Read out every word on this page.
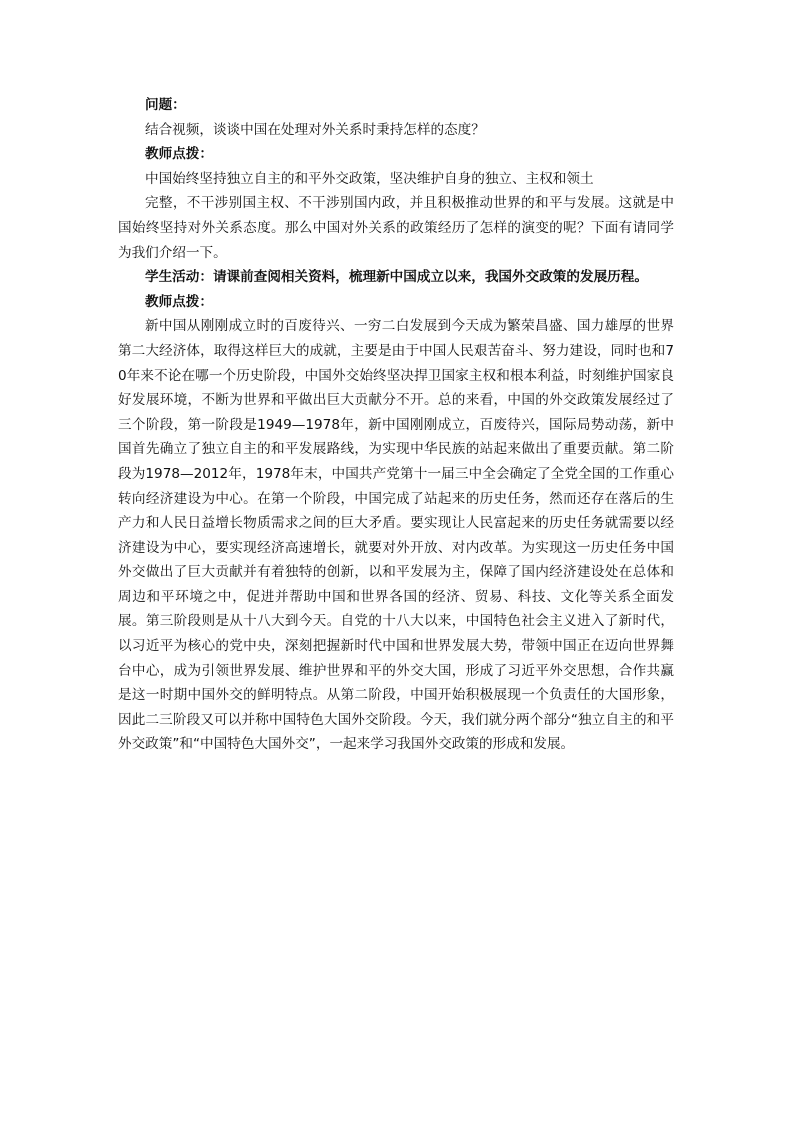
问题：

结合视频，谈谈中国在处理对外关系时秉持怎样的态度？

教师点拨：

中国始终坚持独立自主的和平外交政策，坚决维护自身的独立、主权和领土

完整，不干涉别国主权、不干涉别国内政，并且积极推动世界的和平与发展。这就是中国始终坚持对外关系态度。那么中国对外关系的政策经历了怎样的演变的呢？下面有请同学为我们介绍一下。

学生活动：请课前查阅相关资料，梳理新中国成立以来，我国外交政策的发展历程。

教师点拨：

新中国从刚刚成立时的百废待兴、一穷二白发展到今天成为繁荣昌盛、国力雄厚的世界第二大经济体，取得这样巨大的成就，主要是由于中国人民艰苦奋斗、努力建设，同时也和70年来不论在哪一个历史阶段，中国外交始终坚决捍卫国家主权和根本利益，时刻维护国家良好发展环境，不断为世界和平做出巨大贡献分不开。总的来看，中国的外交政策发展经过了三个阶段，第一阶段是1949—1978年，新中国刚刚成立，百废待兴，国际局势动荡，新中国首先确立了独立自主的和平发展路线，为实现中华民族的站起来做出了重要贡献。第二阶段为1978—2012年，1978年末，中国共产党第十一届三中全会确定了全党全国的工作重心转向经济建设为中心。在第一个阶段，中国完成了站起来的历史任务，然而还存在落后的生产力和人民日益增长物质需求之间的巨大矛盾。要实现让人民富起来的历史任务就需要以经济建设为中心，要实现经济高速增长，就要对外开放、对内改革。为实现这一历史任务中国外交做出了巨大贡献并有着独特的创新，以和平发展为主，保障了国内经济建设处在总体和周边和平环境之中，促进并帮助中国和世界各国的经济、贸易、科技、文化等关系全面发展。第三阶段则是从十八大到今天。自党的十八大以来，中国特色社会主义进入了新时代，以习近平为核心的党中央，深刻把握新时代中国和世界发展大势，带领中国正在迈向世界舞台中心，成为引领世界发展、维护世界和平的外交大国，形成了习近平外交思想，合作共赢是这一时期中国外交的鲜明特点。从第二阶段，中国开始积极展现一个负责任的大国形象，因此二三阶段又可以并称中国特色大国外交阶段。今天，我们就分两个部分“独立自主的和平外交政策”和“中国特色大国外交”，一起来学习我国外交政策的形成和发展。
